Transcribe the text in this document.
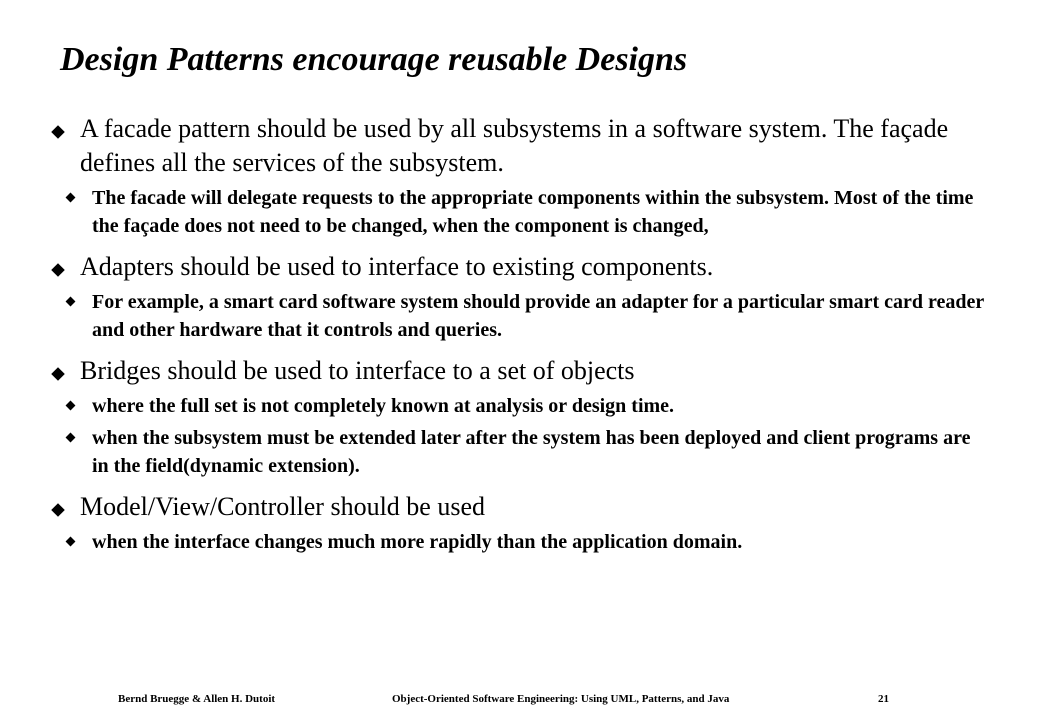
Design Patterns encourage reusable Designs

A facade pattern should be used by all subsystems in a software system. The façade defines all the services of the subsystem.

The facade will delegate requests to the appropriate components within the subsystem. Most of the time the façade does not need to be changed, when the component is changed,

Adapters should be used to interface to existing components.

For example, a smart card software system should provide an adapter for a particular smart card reader and other hardware that it controls and queries.

Bridges should be used to interface to a set of objects

where the full set is not completely known at analysis or design time.

when the subsystem must be extended later after the system has been deployed and client programs are in the field(dynamic extension).

Model/View/Controller should be used

when the interface changes much more rapidly than the application domain.

Bernd Bruegge & Allen H. Dutoit	Object-Oriented Software Engineering: Using UML, Patterns, and Java	21
